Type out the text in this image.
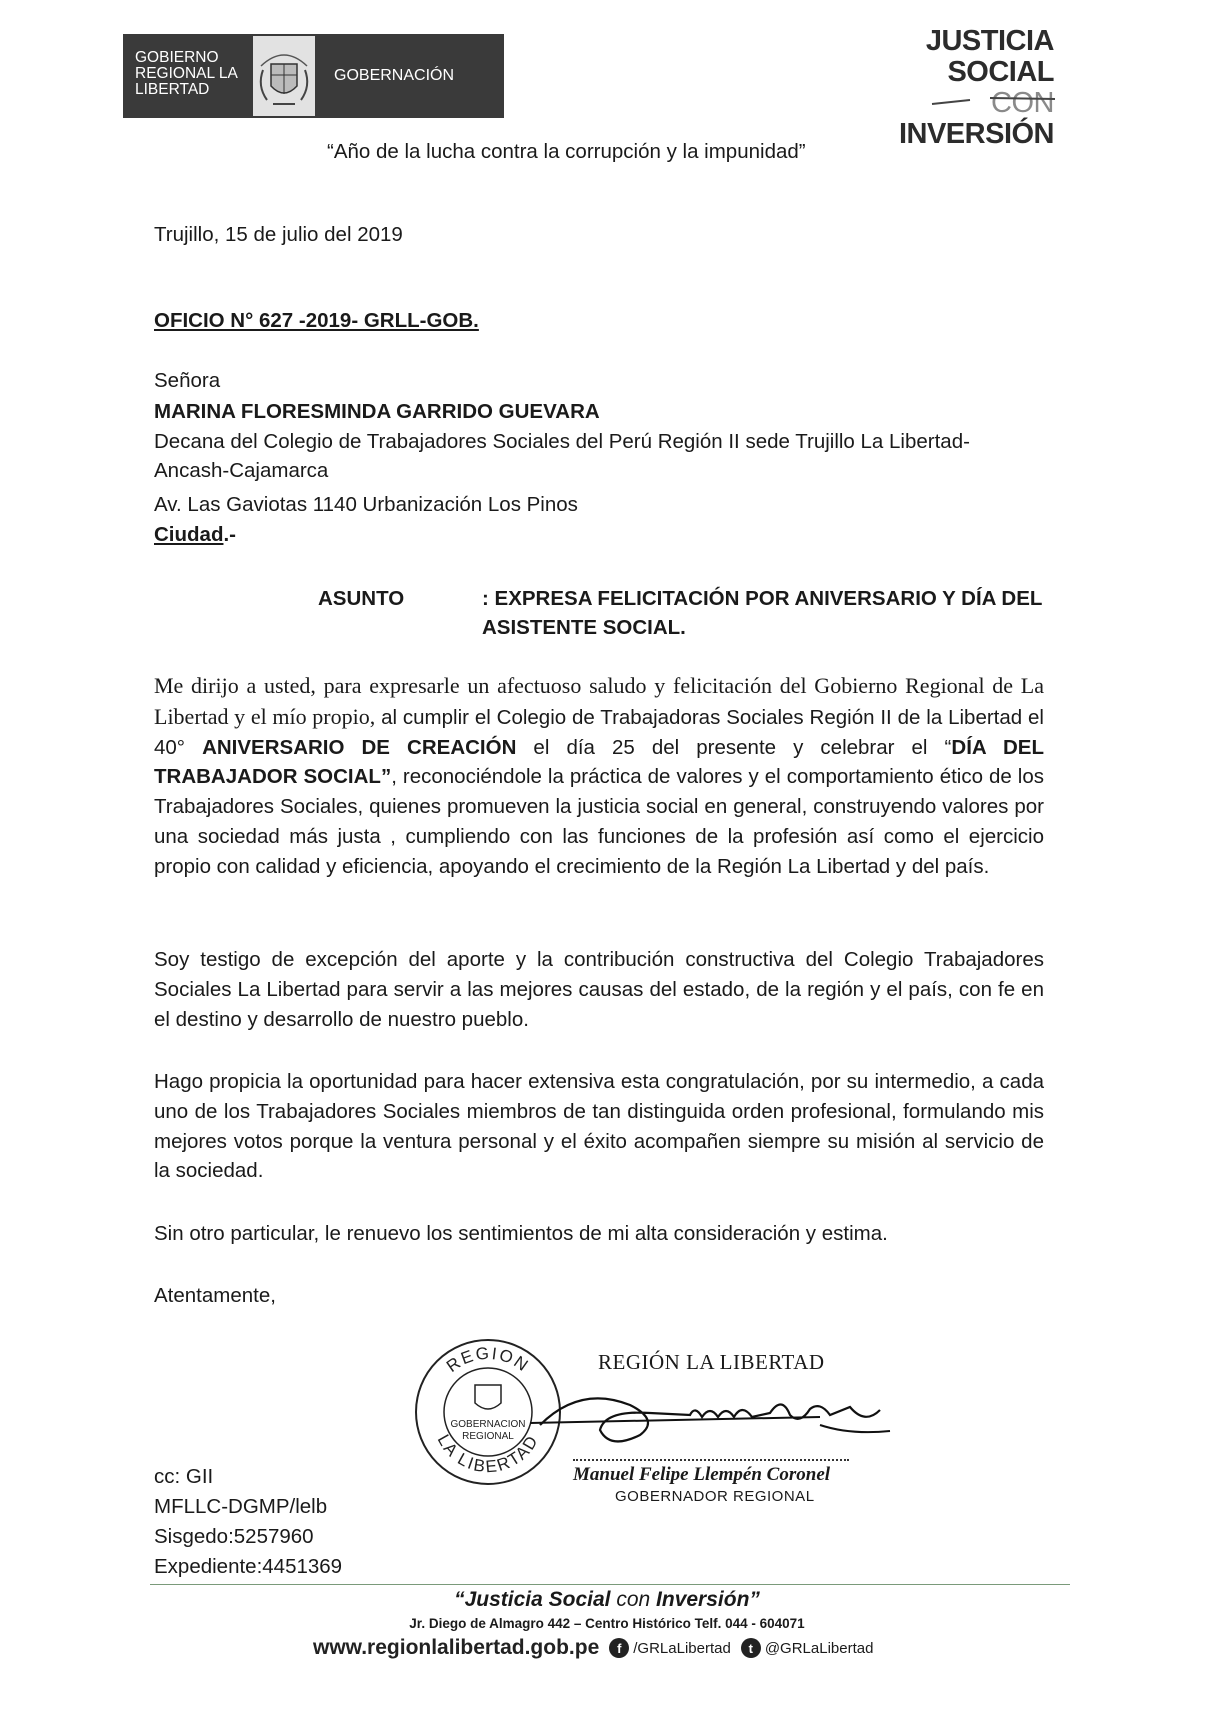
GOBIERNO
REGIONAL LA
LIBERTAD
GOBERNACIÓN
JUSTICIA SOCIAL
CON INVERSIÓN
“Año de la lucha contra la corrupción y la impunidad”
Trujillo, 15 de julio del 2019
OFICIO N° 627 -2019- GRLL-GOB.
Señora
MARINA FLORESMINDA GARRIDO GUEVARA
Decana del Colegio de Trabajadores Sociales del Perú Región II sede Trujillo La Libertad-Ancash-Cajamarca
Av. Las Gaviotas 1140 Urbanización Los Pinos
Ciudad.-
ASUNTO	: EXPRESA FELICITACIÓN POR ANIVERSARIO Y DÍA DEL ASISTENTE SOCIAL.
Me dirijo a usted, para expresarle un afectuoso saludo y felicitación del Gobierno Regional de La Libertad y el mío propio, al cumplir el Colegio de Trabajadoras Sociales Región II de la Libertad el 40° ANIVERSARIO DE CREACIÓN el día 25 del presente y celebrar el “DÍA DEL TRABAJADOR SOCIAL”, reconociéndole la práctica de valores y el comportamiento ético de los Trabajadores Sociales, quienes promueven la justicia social en general, construyendo valores por una sociedad más justa , cumpliendo con las funciones de la profesión así como el ejercicio propio con calidad y eficiencia, apoyando el crecimiento de la Región La Libertad y del país.
Soy testigo de excepción del aporte y la contribución constructiva del Colegio Trabajadores Sociales La Libertad para servir a las mejores causas del estado, de la región y el país, con fe en el destino y desarrollo de nuestro pueblo.
Hago propicia la oportunidad para hacer extensiva esta congratulación, por su intermedio, a cada uno de los Trabajadores Sociales miembros de tan distinguida orden profesional, formulando mis mejores votos porque la ventura personal y el éxito acompañen siempre su misión al servicio de la sociedad.
Sin otro particular, le renuevo los sentimientos de mi alta consideración y estima.
Atentamente,
REGION
LA LIBERTAD
GOBERNACION
REGIONAL
REGIÓN LA LIBERTAD
Manuel Felipe Llempén Coronel
GOBERNADOR REGIONAL
cc: GII
MFLLC-DGMP/lelb
Sisgedo:5257960
Expediente:4451369
“Justicia Social con Inversión”
Jr. Diego de Almagro 442 – Centro Histórico Telf. 044 - 604071
www.regionlalibertad.gob.pe	f /GRLaLibertad	t @GRLaLibertad
